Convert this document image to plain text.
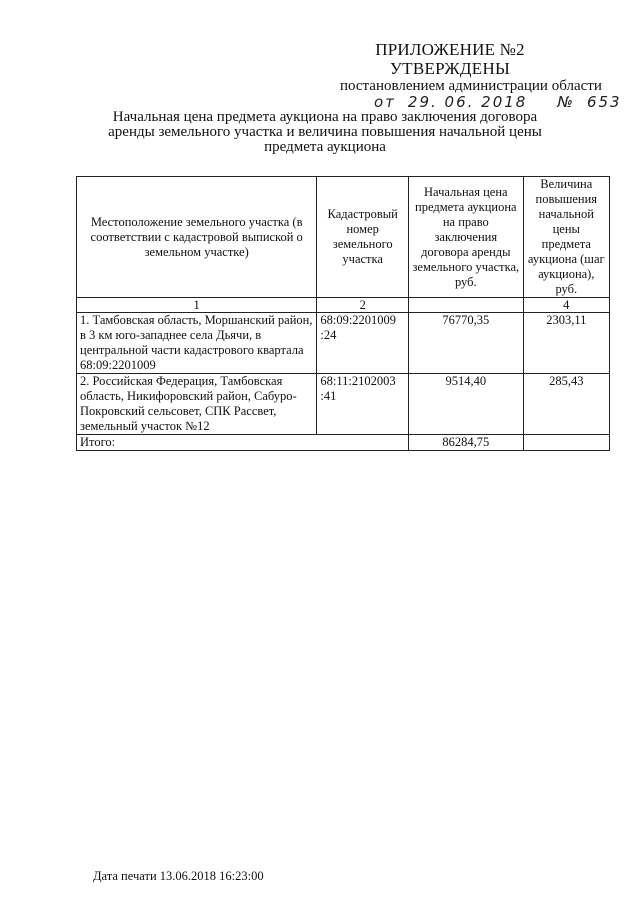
ПРИЛОЖЕНИЕ №2
УТВЕРЖДЕНЫ
постановлением администрации области
от 29. 06. 2018 № 653
Начальная цена предмета аукциона на право заключения договора аренды земельного участка и величина повышения начальной цены предмета аукциона
Местоположение земельного участка (в соответствии с кадастровой выпиской о земельном участке)	Кадастровый номер земельного участка	Начальная цена предмета аукциона на право заключения договора аренды земельного участка, руб.	Величина повышения начальной цены предмета аукциона (шаг аукциона), руб.
1	2		4
1. Тамбовская область, Моршанский район, в 3 км юго-западнее села Дьячи, в центральной части кадастрового квартала 68:09:2201009	68:09:2201009 :24	76770,35	2303,11
2. Российская Федерация, Тамбовская область, Никифоровский район, Сабуро-Покровский сельсовет, СПК Рассвет, земельный участок №12	68:11:2102003 :41	9514,40	285,43
Итого:		86284,75	
Дата печати 13.06.2018 16:23:00
